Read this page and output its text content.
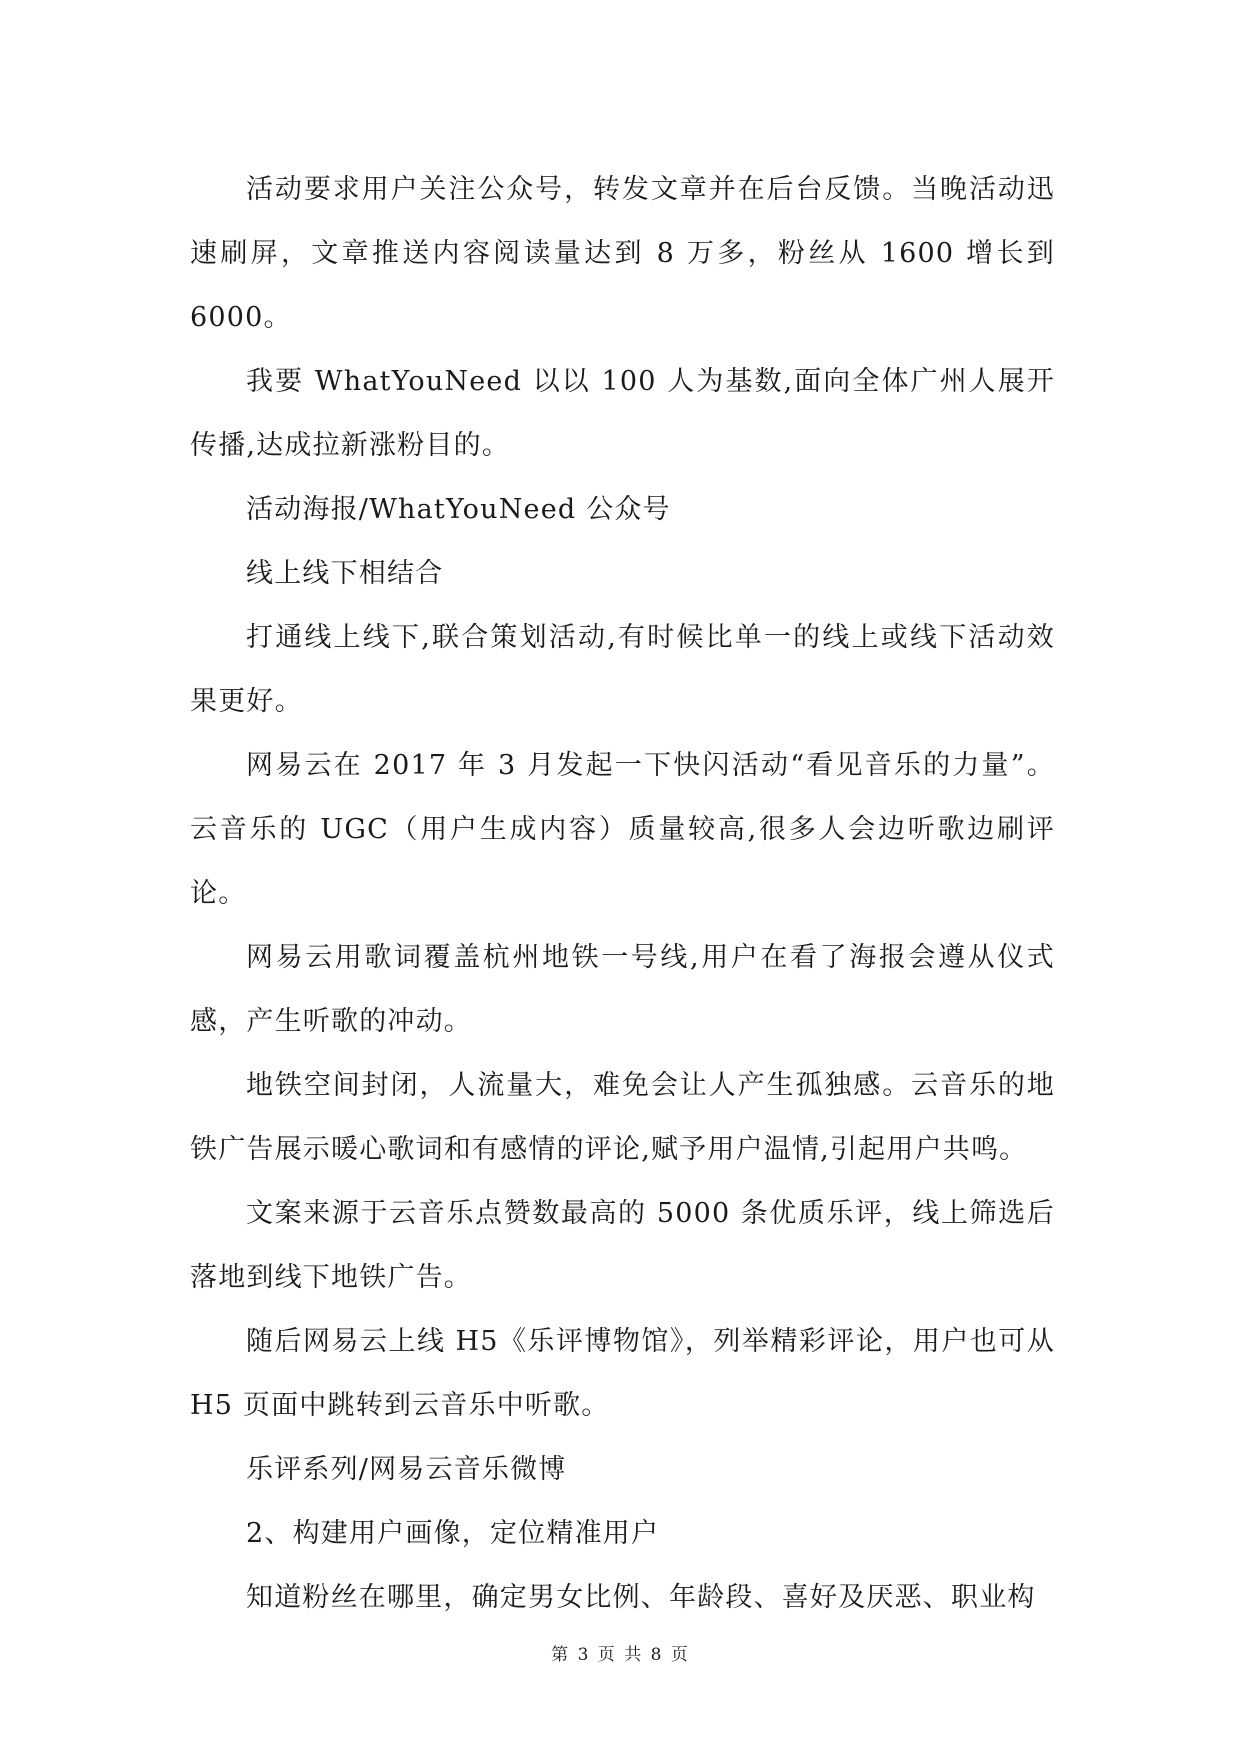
活动要求用户关注公众号，转发文章并在后台反馈。当晚活动迅速刷屏，文章推送内容阅读量达到 8 万多，粉丝从 1600 增长到 6000。

我要 WhatYouNeed 以以 100 人为基数,面向全体广州人展开传播,达成拉新涨粉目的。

活动海报/WhatYouNeed 公众号

线上线下相结合

打通线上线下,联合策划活动,有时候比单一的线上或线下活动效果更好。

网易云在 2017 年 3 月发起一下快闪活动“看见音乐的力量”。云音乐的 UGC（用户生成内容）质量较高,很多人会边听歌边刷评论。

网易云用歌词覆盖杭州地铁一号线,用户在看了海报会遵从仪式感，产生听歌的冲动。

地铁空间封闭，人流量大，难免会让人产生孤独感。云音乐的地铁广告展示暖心歌词和有感情的评论,赋予用户温情,引起用户共鸣。

文案来源于云音乐点赞数最高的 5000 条优质乐评，线上筛选后落地到线下地铁广告。

随后网易云上线 H5《乐评博物馆》，列举精彩评论，用户也可从 H5 页面中跳转到云音乐中听歌。

乐评系列/网易云音乐微博

2、构建用户画像，定位精准用户

知道粉丝在哪里，确定男女比例、年龄段、喜好及厌恶、职业构

第 3 页 共 8 页
